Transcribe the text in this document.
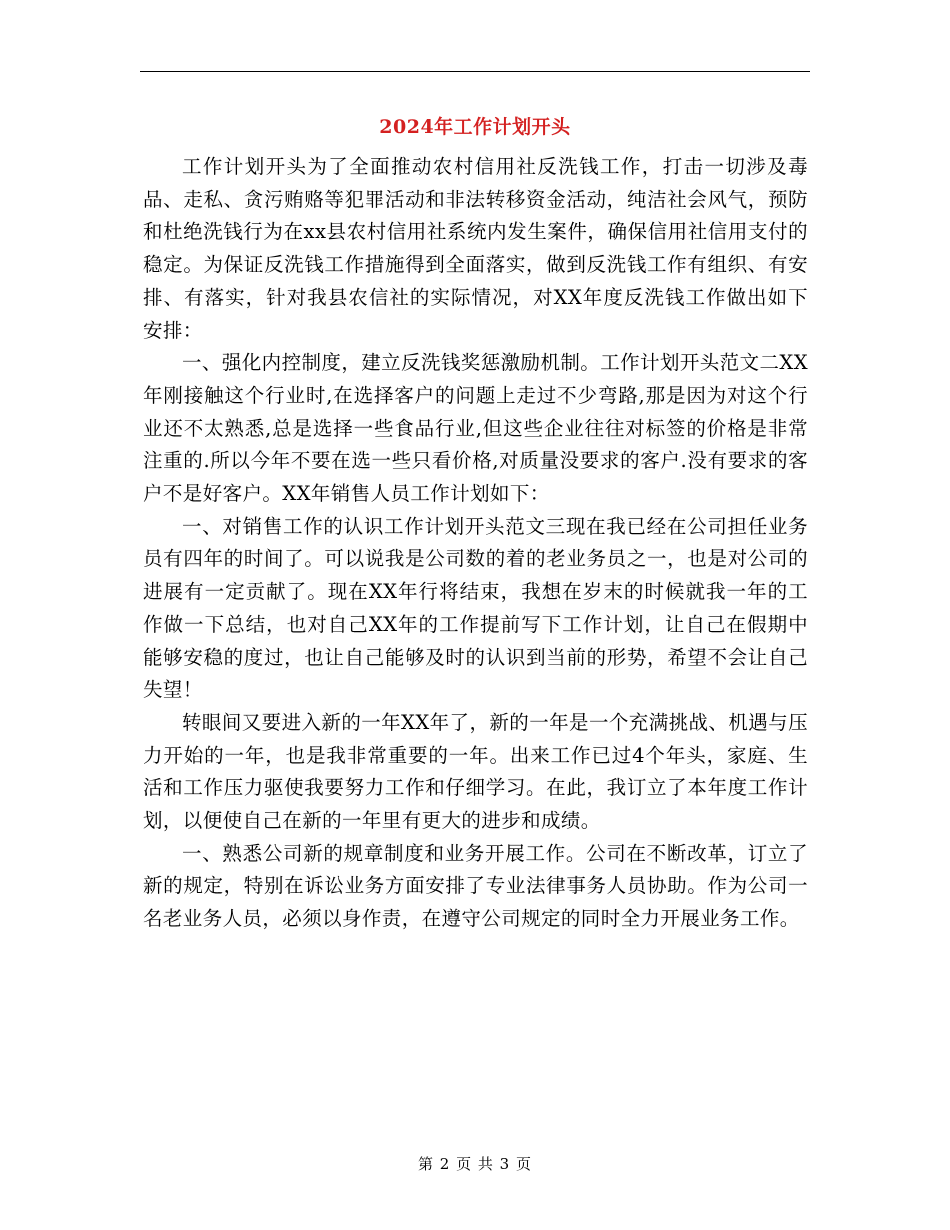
2024年工作计划开头

工作计划开头为了全面推动农村信用社反洗钱工作，打击一切涉及毒品、走私、贪污贿赂等犯罪活动和非法转移资金活动，纯洁社会风气，预防和杜绝洗钱行为在xx县农村信用社系统内发生案件，确保信用社信用支付的稳定。为保证反洗钱工作措施得到全面落实，做到反洗钱工作有组织、有安排、有落实，针对我县农信社的实际情况，对XX年度反洗钱工作做出如下安排：

一、强化内控制度，建立反洗钱奖惩激励机制。工作计划开头范文二XX年刚接触这个行业时,在选择客户的问题上走过不少弯路,那是因为对这个行业还不太熟悉,总是选择一些食品行业,但这些企业往往对标签的价格是非常注重的.所以今年不要在选一些只看价格,对质量没要求的客户.没有要求的客户不是好客户。XX年销售人员工作计划如下：

一、对销售工作的认识工作计划开头范文三现在我已经在公司担任业务员有四年的时间了。可以说我是公司数的着的老业务员之一，也是对公司的进展有一定贡献了。现在XX年行将结束，我想在岁末的时候就我一年的工作做一下总结，也对自己XX年的工作提前写下工作计划，让自己在假期中能够安稳的度过，也让自己能够及时的认识到当前的形势，希望不会让自己失望！

转眼间又要进入新的一年XX年了，新的一年是一个充满挑战、机遇与压力开始的一年，也是我非常重要的一年。出来工作已过4个年头，家庭、生活和工作压力驱使我要努力工作和仔细学习。在此，我订立了本年度工作计划，以便使自己在新的一年里有更大的进步和成绩。

一、熟悉公司新的规章制度和业务开展工作。公司在不断改革，订立了新的规定，特别在诉讼业务方面安排了专业法律事务人员协助。作为公司一名老业务人员，必须以身作责，在遵守公司规定的同时全力开展业务工作。

第 2 页 共 3 页
